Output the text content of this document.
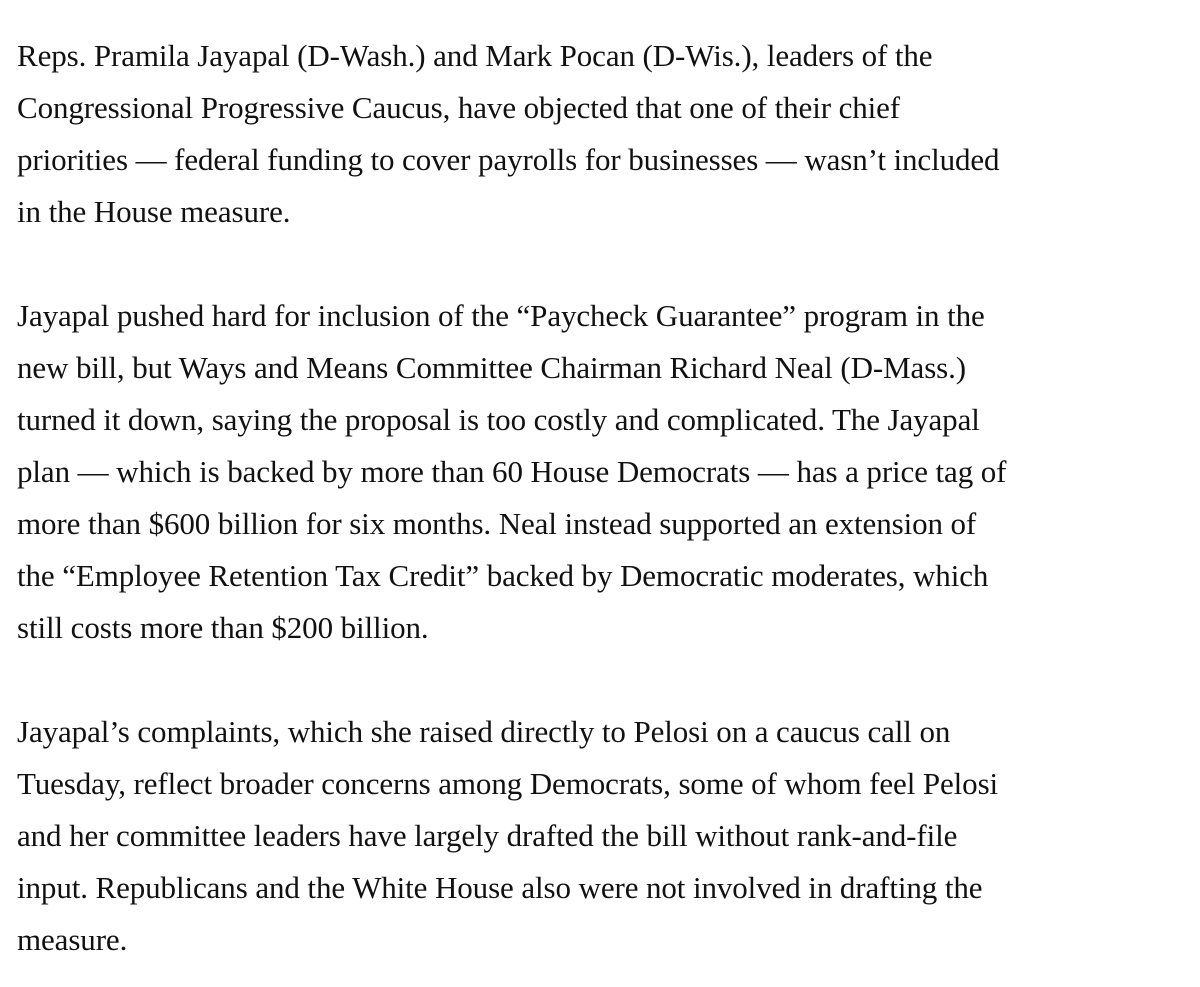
Reps. Pramila Jayapal (D-Wash.) and Mark Pocan (D-Wis.), leaders of the
Congressional Progressive Caucus, have objected that one of their chief
priorities — federal funding to cover payrolls for businesses — wasn’t included
in the House measure.

Jayapal pushed hard for inclusion of the “Paycheck Guarantee” program in the
new bill, but Ways and Means Committee Chairman Richard Neal (D-Mass.)
turned it down, saying the proposal is too costly and complicated. The Jayapal
plan — which is backed by more than 60 House Democrats — has a price tag of
more than $600 billion for six months. Neal instead supported an extension of
the “Employee Retention Tax Credit” backed by Democratic moderates, which
still costs more than $200 billion.

Jayapal’s complaints, which she raised directly to Pelosi on a caucus call on
Tuesday, reflect broader concerns among Democrats, some of whom feel Pelosi
and her committee leaders have largely drafted the bill without rank-and-file
input. Republicans and the White House also were not involved in drafting the
measure.
